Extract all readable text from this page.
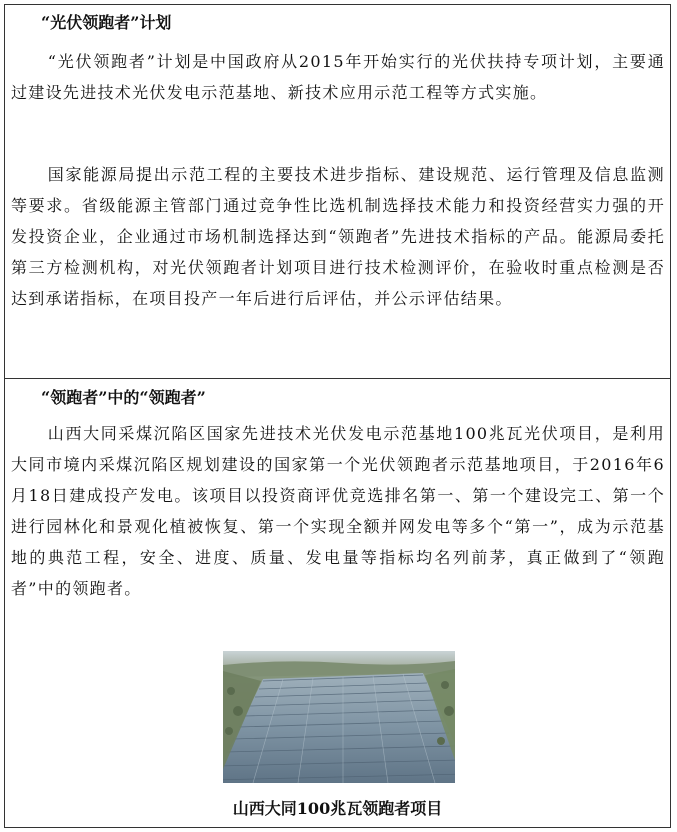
“光伏领跑者”计划

“光伏领跑者”计划是中国政府从2015年开始实行的光伏扶持专项计划，主要通过建设先进技术光伏发电示范基地、新技术应用示范工程等方式实施。

国家能源局提出示范工程的主要技术进步指标、建设规范、运行管理及信息监测等要求。省级能源主管部门通过竞争性比选机制选择技术能力和投资经营实力强的开发投资企业，企业通过市场机制选择达到“领跑者”先进技术指标的产品。能源局委托第三方检测机构，对光伏领跑者计划项目进行技术检测评价，在验收时重点检测是否达到承诺指标，在项目投产一年后进行后评估，并公示评估结果。

“领跑者”中的“领跑者”

山西大同采煤沉陷区国家先进技术光伏发电示范基地100兆瓦光伏项目，是利用大同市境内采煤沉陷区规划建设的国家第一个光伏领跑者示范基地项目，于2016年6月18日建成投产发电。该项目以投资商评优竞选排名第一、第一个建设完工、第一个进行园林化和景观化植被恢复、第一个实现全额并网发电等多个“第一”，成为示范基地的典范工程，安全、进度、质量、发电量等指标均名列前茅，真正做到了“领跑者”中的领跑者。

山西大同100兆瓦领跑者项目
